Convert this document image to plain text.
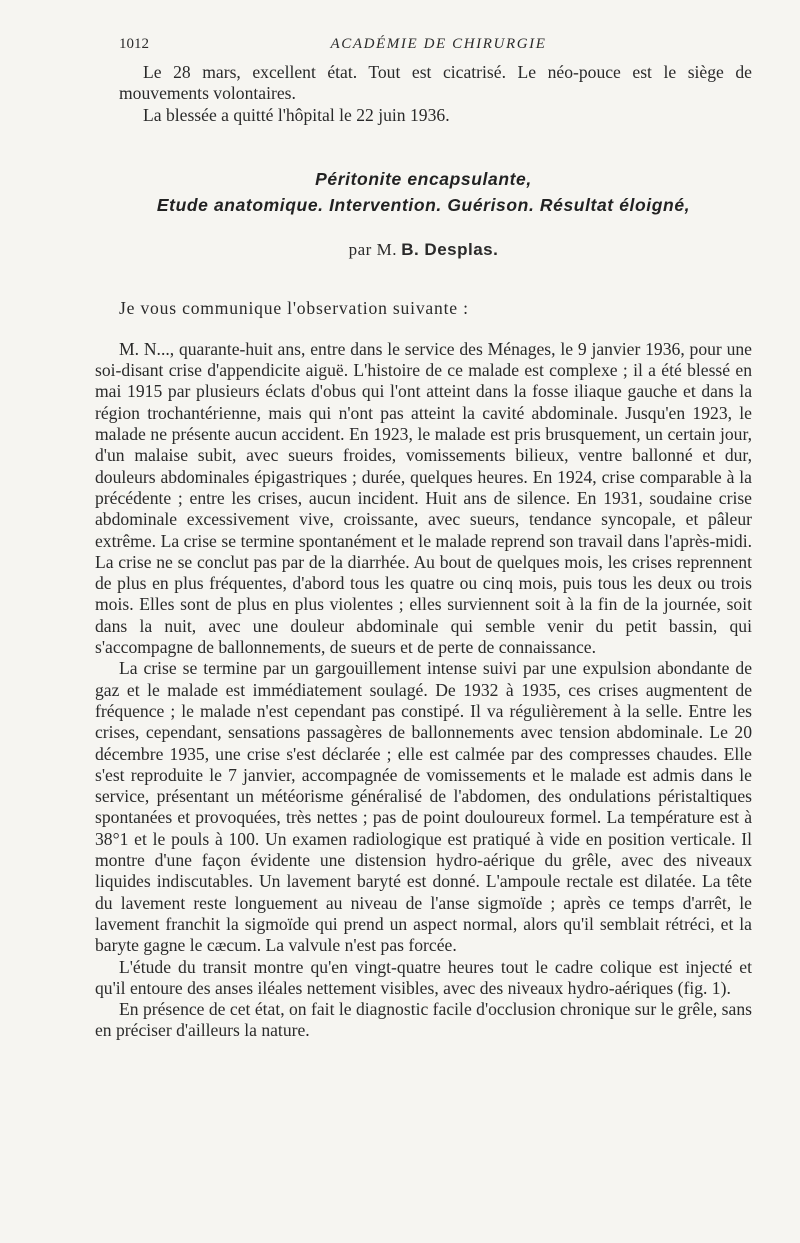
1012	ACADÉMIE DE CHIRURGIE

Le 28 mars, excellent état. Tout est cicatrisé. Le néo-pouce est le siège de mouvements volontaires.

La blessée a quitté l'hôpital le 22 juin 1936.

Péritonite encapsulante,
Etude anatomique. Intervention. Guérison. Résultat éloigné,
par M. B. Desplas.

Je vous communique l'observation suivante :

M. N..., quarante-huit ans, entre dans le service des Ménages, le 9 janvier 1936, pour une soi-disant crise d'appendicite aiguë. L'histoire de ce malade est complexe ; il a été blessé en mai 1915 par plusieurs éclats d'obus qui l'ont atteint dans la fosse iliaque gauche et dans la région trochantérienne, mais qui n'ont pas atteint la cavité abdominale. Jusqu'en 1923, le malade ne présente aucun accident. En 1923, le malade est pris brusquement, un certain jour, d'un malaise subit, avec sueurs froides, vomissements bilieux, ventre ballonné et dur, douleurs abdominales épigastriques ; durée, quelques heures. En 1924, crise comparable à la précédente ; entre les crises, aucun incident. Huit ans de silence. En 1931, soudaine crise abdominale excessivement vive, croissante, avec sueurs, tendance syncopale, et pâleur extrême. La crise se termine spontanément et le malade reprend son travail dans l'après-midi. La crise ne se conclut pas par de la diarrhée. Au bout de quelques mois, les crises reprennent de plus en plus fréquentes, d'abord tous les quatre ou cinq mois, puis tous les deux ou trois mois. Elles sont de plus en plus violentes ; elles surviennent soit à la fin de la journée, soit dans la nuit, avec une douleur abdominale qui semble venir du petit bassin, qui s'accompagne de ballonnements, de sueurs et de perte de connaissance.

La crise se termine par un gargouillement intense suivi par une expulsion abondante de gaz et le malade est immédiatement soulagé. De 1932 à 1935, ces crises augmentent de fréquence ; le malade n'est cependant pas constipé. Il va régulièrement à la selle. Entre les crises, cependant, sensations passagères de ballonnements avec tension abdominale. Le 20 décembre 1935, une crise s'est déclarée ; elle est calmée par des compresses chaudes. Elle s'est reproduite le 7 janvier, accompagnée de vomissements et le malade est admis dans le service, présentant un météorisme généralisé de l'abdomen, des ondulations péristaltiques spontanées et provoquées, très nettes ; pas de point douloureux formel. La température est à 38°1 et le pouls à 100. Un examen radiologique est pratiqué à vide en position verticale. Il montre d'une façon évidente une distension hydro-aérique du grêle, avec des niveaux liquides indiscutables. Un lavement baryté est donné. L'ampoule rectale est dilatée. La tête du lavement reste longuement au niveau de l'anse sigmoïde ; après ce temps d'arrêt, le lavement franchit la sigmoïde qui prend un aspect normal, alors qu'il semblait rétréci, et la baryte gagne le cæcum. La valvule n'est pas forcée.

L'étude du transit montre qu'en vingt-quatre heures tout le cadre colique est injecté et qu'il entoure des anses iléales nettement visibles, avec des niveaux hydro-aériques (fig. 1).

En présence de cet état, on fait le diagnostic facile d'occlusion chronique sur le grêle, sans en préciser d'ailleurs la nature.
